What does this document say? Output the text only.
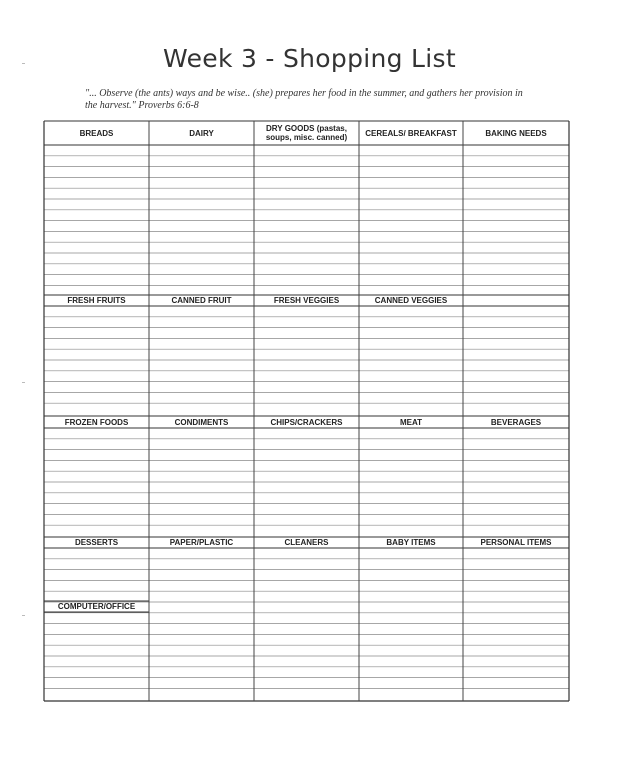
Week 3 - Shopping List
"... Observe (the ants) ways and be wise.. (she) prepares her food in the summer, and gathers her provision in the harvest." Proverbs 6:6-8
BREADS	DAIRY	DRY GOODS (pastas, soups, misc. canned)	CEREALS/ BREAKFAST	BAKING NEEDS
FRESH FRUITS	CANNED FRUIT	FRESH VEGGIES	CANNED VEGGIES
FROZEN FOODS	CONDIMENTS	CHIPS/CRACKERS	MEAT	BEVERAGES
DESSERTS	PAPER/PLASTIC	CLEANERS	BABY ITEMS	PERSONAL ITEMS
COMPUTER/OFFICE
